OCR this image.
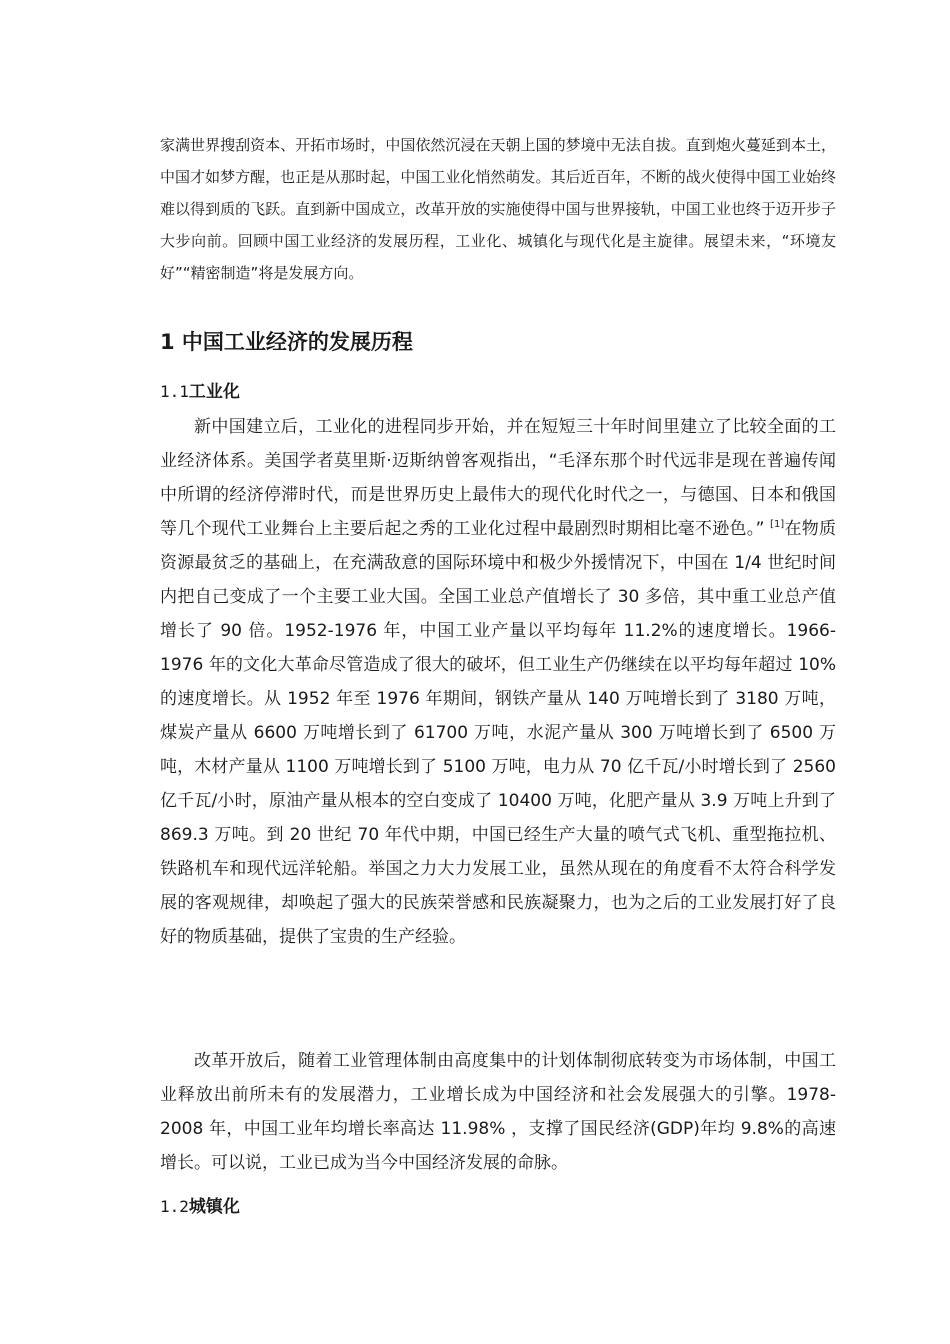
家满世界搜刮资本、开拓市场时，中国依然沉浸在天朝上国的梦境中无法自拔。直到炮火蔓延到本土，中国才如梦方醒，也正是从那时起，中国工业化悄然萌发。其后近百年，不断的战火使得中国工业始终难以得到质的飞跃。直到新中国成立，改革开放的实施使得中国与世界接轨，中国工业也终于迈开步子大步向前。回顾中国工业经济的发展历程，工业化、城镇化与现代化是主旋律。展望未来，“环境友好”“精密制造”将是发展方向。

1 中国工业经济的发展历程
1.1工业化

新中国建立后，工业化的进程同步开始，并在短短三十年时间里建立了比较全面的工业经济体系。美国学者莫里斯·迈斯纳曾客观指出，“毛泽东那个时代远非是现在普遍传闻中所谓的经济停滞时代，而是世界历史上最伟大的现代化时代之一，与德国、日本和俄国等几个现代工业舞台上主要后起之秀的工业化过程中最剧烈时期相比毫不逊色。” [1]在物质资源最贫乏的基础上，在充满敌意的国际环境中和极少外援情况下，中国在 1/4 世纪时间内把自己变成了一个主要工业大国。全国工业总产值增长了 30 多倍，其中重工业总产值增长了 90 倍。1952-1976 年，中国工业产量以平均每年 11.2%的速度增长。1966-1976 年的文化大革命尽管造成了很大的破坏，但工业生产仍继续在以平均每年超过 10%的速度增长。从 1952 年至 1976 年期间，钢铁产量从 140 万吨增长到了 3180 万吨，煤炭产量从 6600 万吨增长到了 61700 万吨，水泥产量从 300 万吨增长到了 6500 万吨，木材产量从 1100 万吨增长到了 5100 万吨，电力从 70 亿千瓦/小时增长到了 2560 亿千瓦/小时，原油产量从根本的空白变成了 10400 万吨，化肥产量从 3.9 万吨上升到了 869.3 万吨。到 20 世纪 70 年代中期，中国已经生产大量的喷气式飞机、重型拖拉机、铁路机车和现代远洋轮船。举国之力大力发展工业，虽然从现在的角度看不太符合科学发展的客观规律，却唤起了强大的民族荣誉感和民族凝聚力，也为之后的工业发展打好了良好的物质基础，提供了宝贵的生产经验。

改革开放后，随着工业管理体制由高度集中的计划体制彻底转变为市场体制，中国工业释放出前所未有的发展潜力，工业增长成为中国经济和社会发展强大的引擎。1978-2008 年，中国工业年均增长率高达 11.98% ，支撑了国民经济(GDP)年均 9.8%的高速增长。可以说，工业已成为当今中国经济发展的命脉。

1.2城镇化
